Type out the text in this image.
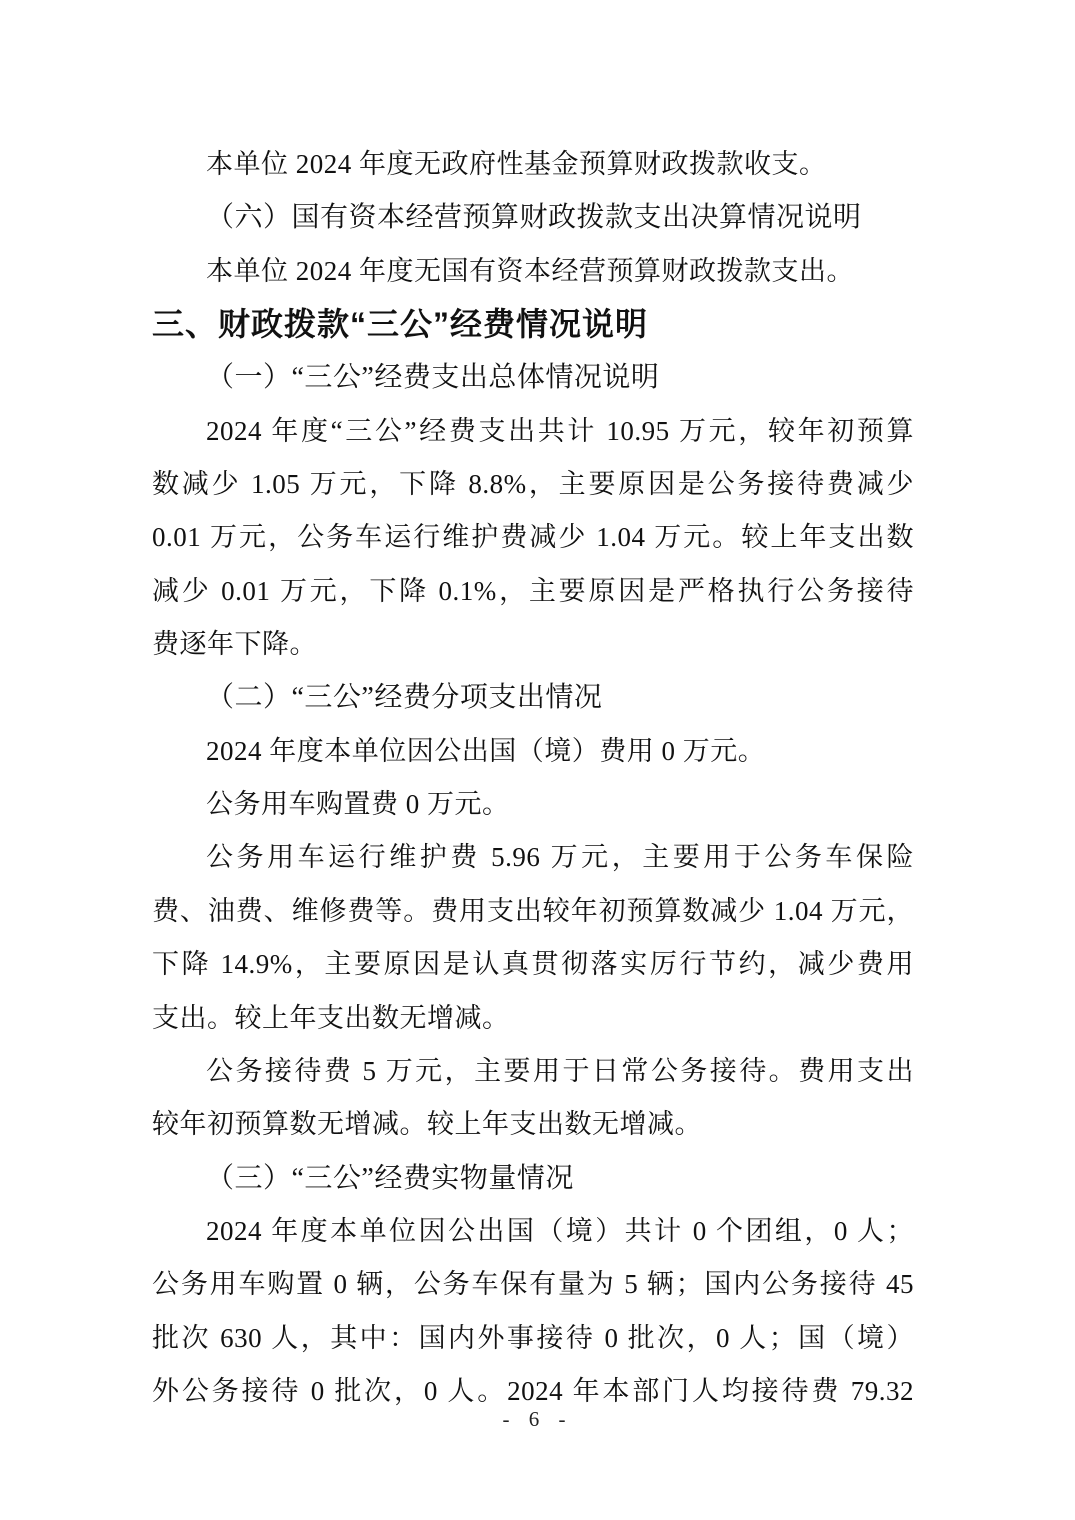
本单位 2024 年度无政府性基金预算财政拨款收支。
（六）国有资本经营预算财政拨款支出决算情况说明
本单位 2024 年度无国有资本经营预算财政拨款支出。
三、财政拨款“三公”经费情况说明
（一）“三公”经费支出总体情况说明
2024 年度“三公”经费支出共计 10.95 万元，较年初预算
数减少 1.05 万元，下降 8.8%，主要原因是公务接待费减少
0.01 万元，公务车运行维护费减少 1.04 万元。较上年支出数
减少 0.01 万元，下降 0.1%，主要原因是严格执行公务接待
费逐年下降。
（二）“三公”经费分项支出情况
2024 年度本单位因公出国（境）费用 0 万元。
公务用车购置费 0 万元。
公务用车运行维护费 5.96 万元，主要用于公务车保险
费、油费、维修费等。费用支出较年初预算数减少 1.04 万元，
下降 14.9%，主要原因是认真贯彻落实厉行节约，减少费用
支出。较上年支出数无增减。
公务接待费 5 万元，主要用于日常公务接待。费用支出
较年初预算数无增减。较上年支出数无增减。
（三）“三公”经费实物量情况
2024 年度本单位因公出国（境）共计 0 个团组，0 人；
公务用车购置 0 辆，公务车保有量为 5 辆；国内公务接待 45
批次 630 人，其中：国内外事接待 0 批次，0 人；国（境）
外公务接待 0 批次，0 人。2024 年本部门人均接待费 79.32
- 6 -
